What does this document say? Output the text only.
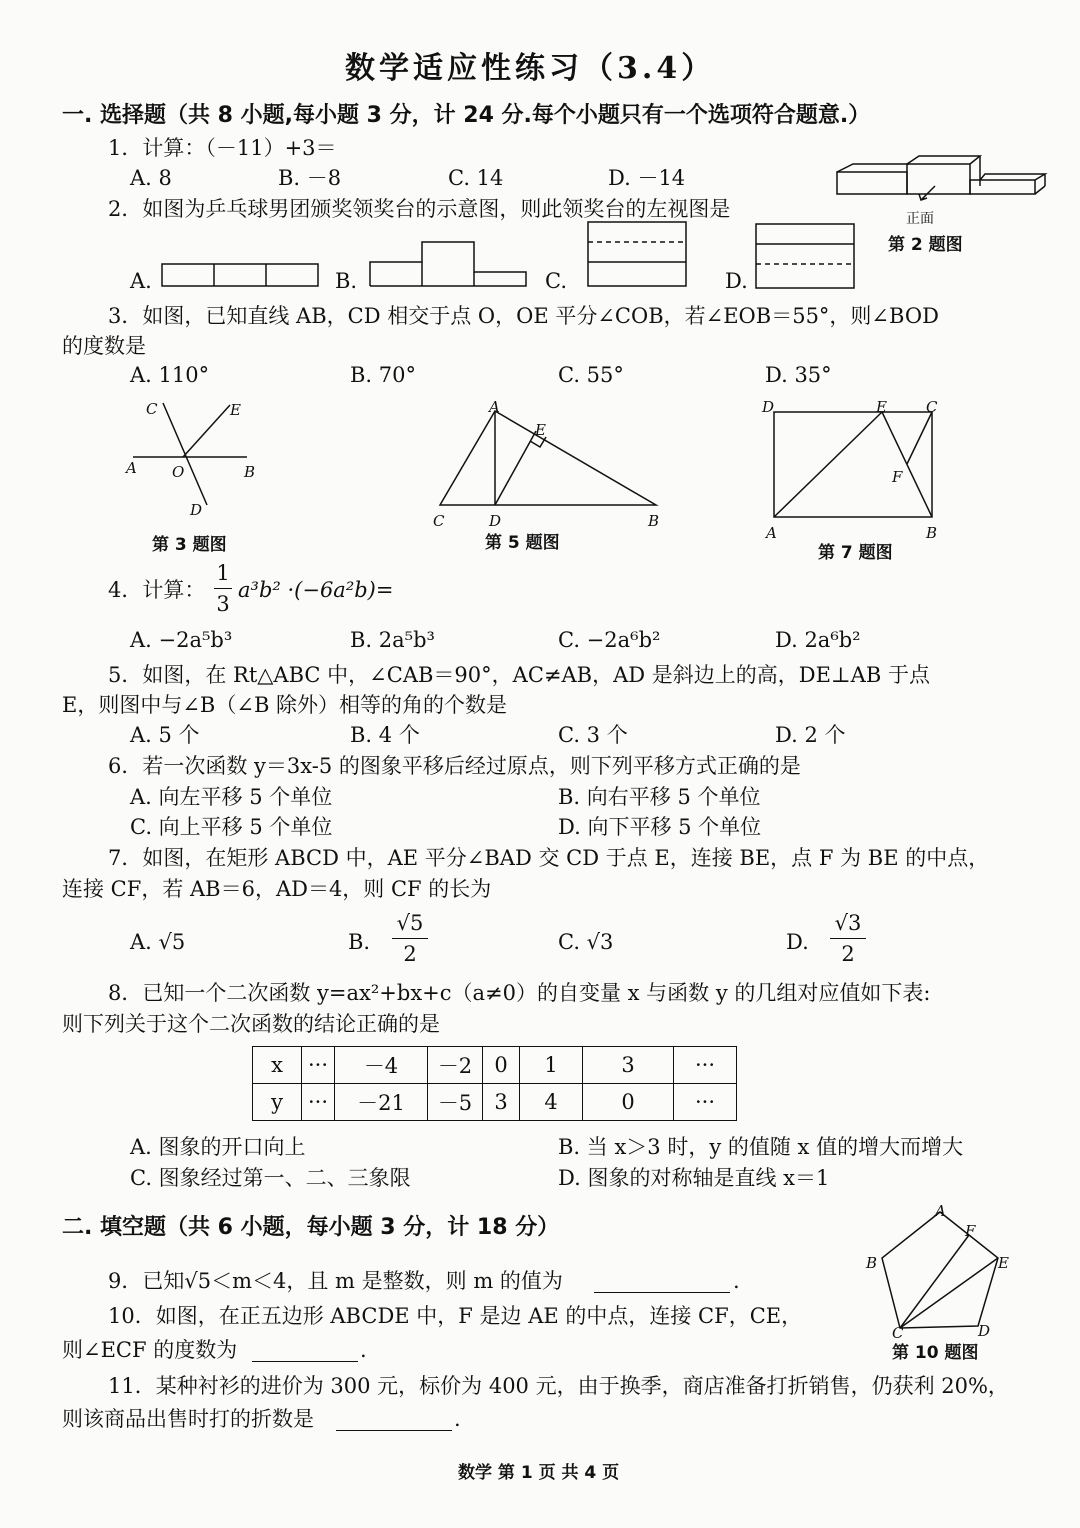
数学适应性练习（3.4）
一. 选择题（共 8 小题,每小题 3 分，计 24 分.每个小题只有一个选项符合题意.）
1．计算：（－11）+3＝
A. 8	B. －8	C. 14	D. －14
正面
第 2 题图
2．如图为乒乓球男团颁奖领奖台的示意图，则此领奖台的左视图是
A.	B.	C.	D.
3．如图，已知直线 AB，CD 相交于点 O，OE 平分∠COB，若∠EOB＝55°，则∠BOD
的度数是
A. 110°	B. 70°	C. 55°	D. 35°
C	E
A O	B
D
第 3 题图
A
E
C	D	B
第 5 题图
D	E	C
F
A	B
第 7 题图
4．计算：
1
3
a³b² ·(−6a²b)=
A. −2a⁵b³	B. 2a⁵b³	C. −2a⁶b²	D. 2a⁶b²
5．如图，在 Rt△ABC 中，∠CAB＝90°，AC≠AB，AD 是斜边上的高，DE⊥AB 于点
E，则图中与∠B（∠B 除外）相等的角的个数是
A. 5 个	B. 4 个	C. 3 个	D. 2 个
6．若一次函数 y＝3x-5 的图象平移后经过原点，则下列平移方式正确的是
A. 向左平移 5 个单位	B. 向右平移 5 个单位
C. 向上平移 5 个单位	D. 向下平移 5 个单位
7．如图，在矩形 ABCD 中，AE 平分∠BAD 交 CD 于点 E，连接 BE，点 F 为 BE 的中点，
连接 CF，若 AB＝6，AD＝4，则 CF 的长为
A. √5	B.
√5
2	C. √3	D.
√3
2
8．已知一个二次函数 y=ax²+bx+c（a≠0）的自变量 x 与函数 y 的几组对应值如下表:
则下列关于这个二次函数的结论正确的是
x	···	－4	－2	0	1	3	···
y	···	－21	－5	3	4	0	···
A. 图象的开口向上	B. 当 x＞3 时，y 的值随 x 值的增大而增大
C. 图象经过第一、二、三象限	D. 图象的对称轴是直线 x＝1
二. 填空题（共 6 小题，每小题 3 分，计 18 分）
A
F
B	E
C	D
第 10 题图
9．已知√5＜m＜4，且 m 是整数，则 m 的值为	.
10．如图，在正五边形 ABCDE 中，F 是边 AE 的中点，连接 CF，CE，
则∠ECF 的度数为	.
11．某种衬衫的进价为 300 元，标价为 400 元，由于换季，商店准备打折销售，仍获利 20%，
则该商品出售时打的折数是	.
数学 第 1 页 共 4 页
